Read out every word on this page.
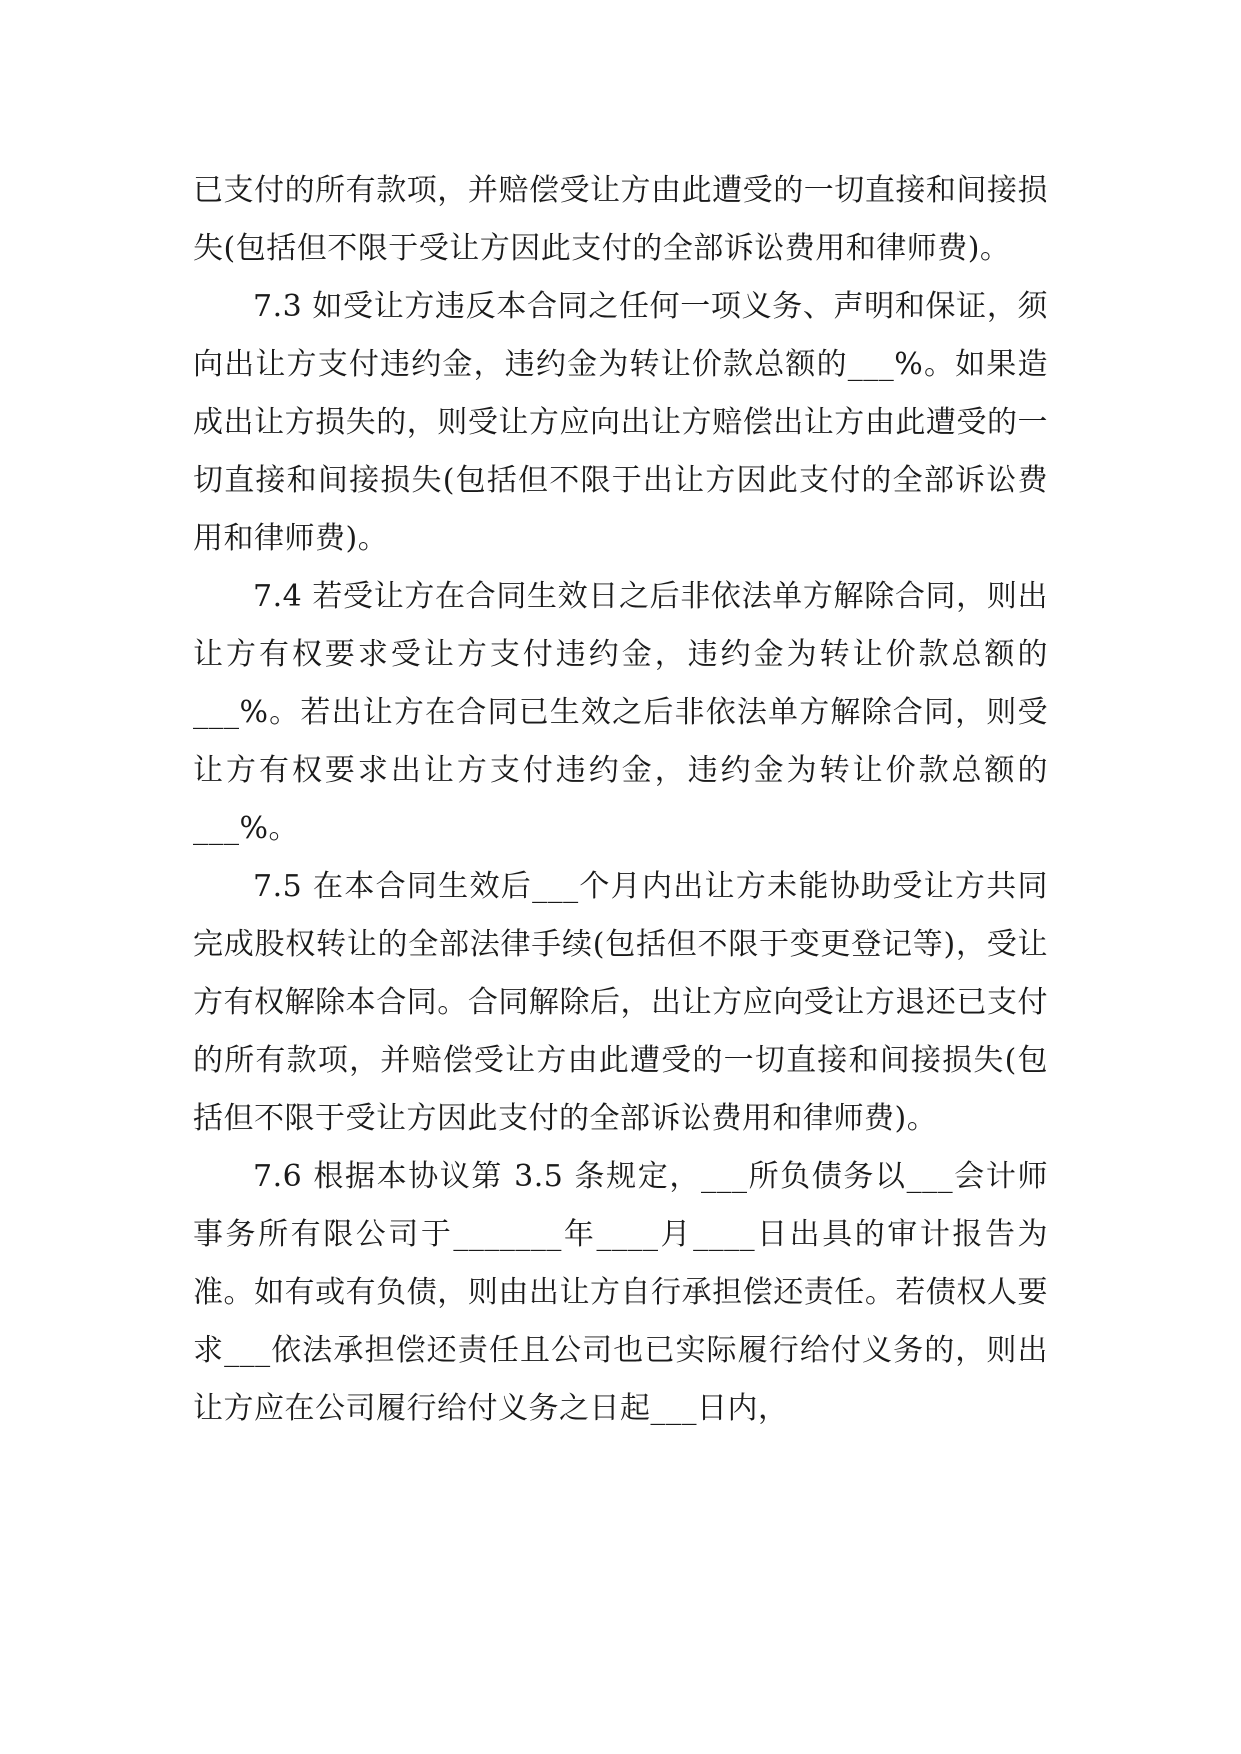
已支付的所有款项，并赔偿受让方由此遭受的一切直接和间接损失(包括但不限于受让方因此支付的全部诉讼费用和律师费)。

7.3 如受让方违反本合同之任何一项义务、声明和保证，须向出让方支付违约金，违约金为转让价款总额的___%。如果造成出让方损失的，则受让方应向出让方赔偿出让方由此遭受的一切直接和间接损失(包括但不限于出让方因此支付的全部诉讼费用和律师费)。

7.4 若受让方在合同生效日之后非依法单方解除合同，则出让方有权要求受让方支付违约金，违约金为转让价款总额的___%。若出让方在合同已生效之后非依法单方解除合同，则受让方有权要求出让方支付违约金，违约金为转让价款总额的___%。

7.5 在本合同生效后___个月内出让方未能协助受让方共同完成股权转让的全部法律手续(包括但不限于变更登记等)，受让方有权解除本合同。合同解除后，出让方应向受让方退还已支付的所有款项，并赔偿受让方由此遭受的一切直接和间接损失(包括但不限于受让方因此支付的全部诉讼费用和律师费)。

7.6 根据本协议第 3.5 条规定，___所负债务以___会计师事务所有限公司于_______年____月____日出具的审计报告为准。如有或有负债，则由出让方自行承担偿还责任。若债权人要求___依法承担偿还责任且公司也已实际履行给付义务的，则出让方应在公司履行给付义务之日起___日内，
